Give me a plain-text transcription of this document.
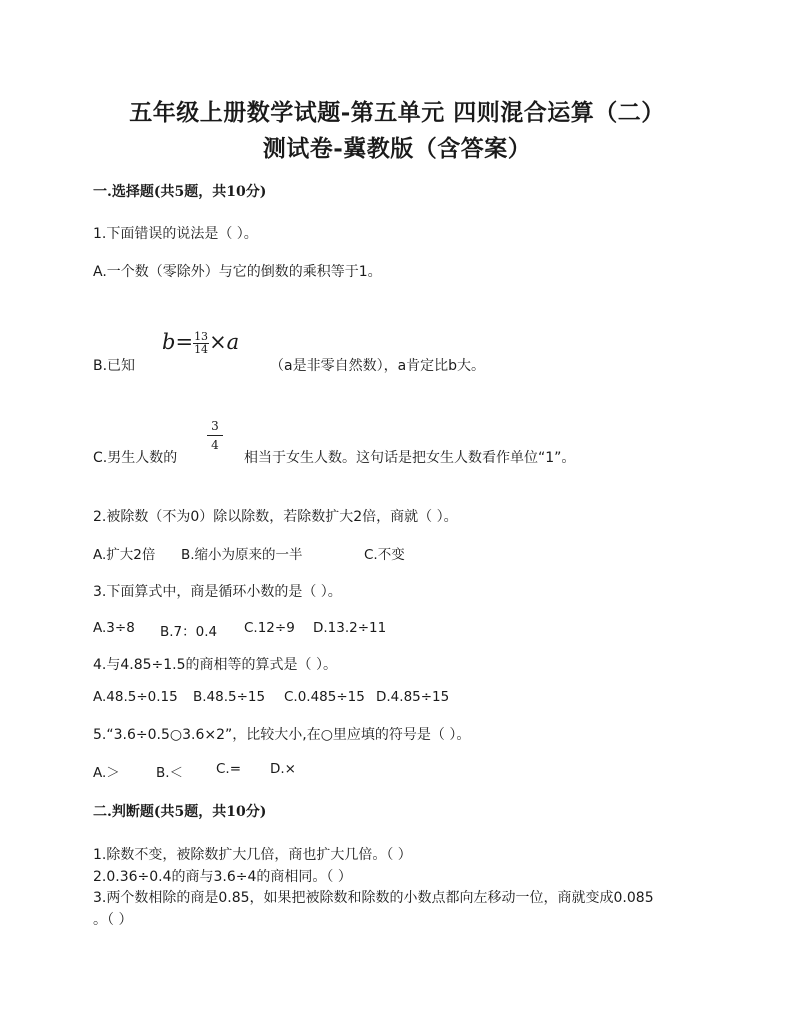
五年级上册数学试题-第五单元 四则混合运算（二）
测试卷-冀教版（含答案）
一.选择题(共5题，共10分)
1.下面错误的说法是（ ）。
A.一个数（零除外）与它的倒数的乘积等于1。
B.已知
$b= \frac{13}{14} \times a$
（a是非零自然数），a肯定比b大。
C.男生人数的
$\frac{3}{4}$
相当于女生人数。这句话是把女生人数看作单位“1”。
2.被除数（不为0）除以除数，若除数扩大2倍，商就（ ）。
A.扩大2倍 B.缩小为原来的一半	C.不变
3.下面算式中，商是循环小数的是（ ）。
A.3÷8 B.7：0.4 C.12÷9 D.13.2÷11
4.与4.85÷1.5的商相等的算式是（ ）。
A.48.5÷0.15 B.48.5÷15 C.0.485÷15 D.4.85÷15
5.“3.6÷0.5○3.6×2”，比较大小,在○里应填的符号是（ ）。
A.＞	B.＜ C.= D.×
二.判断题(共5题，共10分)
1.除数不变，被除数扩大几倍，商也扩大几倍。（ ）
2.0.36÷0.4的商与3.6÷4的商相同。（ ）
3.两个数相除的商是0.85，如果把被除数和除数的小数点都向左移动一位，商就变成0.085
。（ ）
